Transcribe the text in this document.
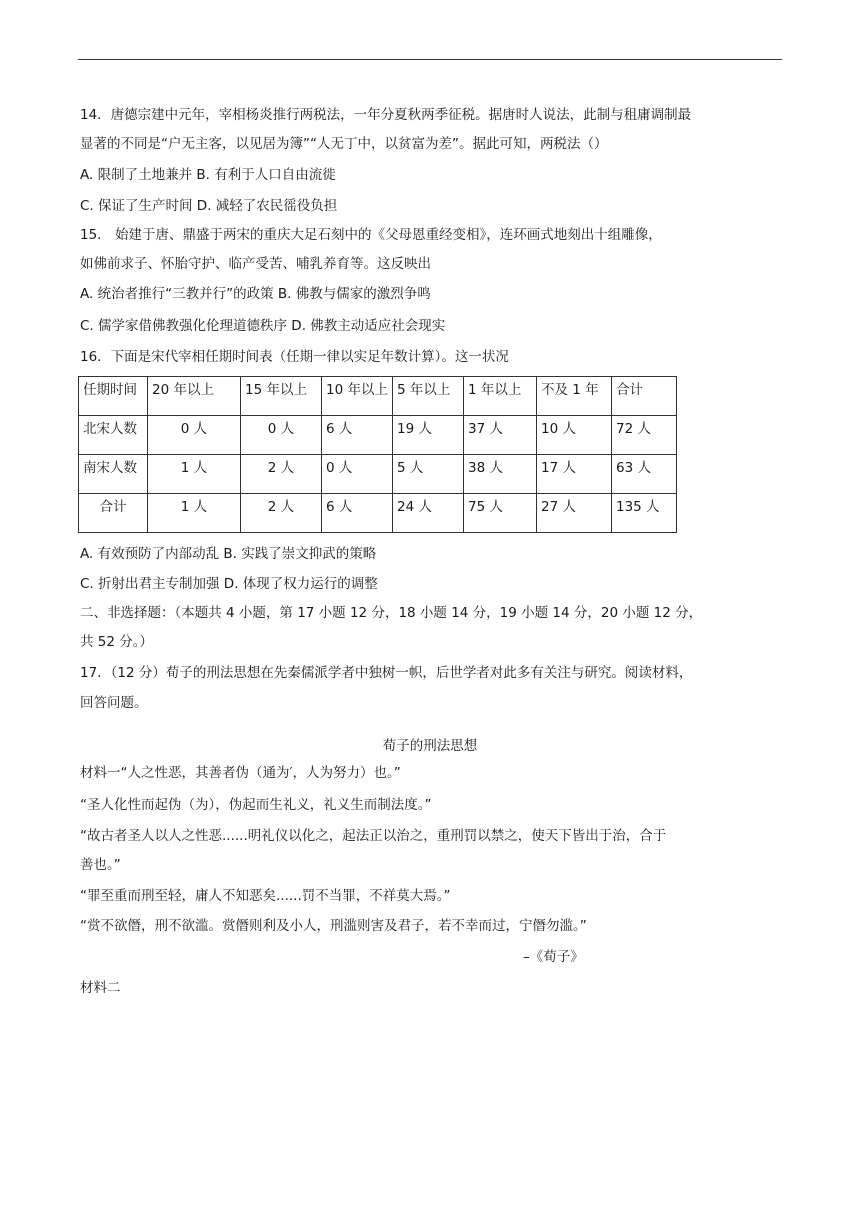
14．唐德宗建中元年，宰相杨炎推行两税法，一年分夏秋两季征税。据唐时人说法，此制与租庸调制最
显著的不同是“户无主客，以见居为簿”“人无丁中，以贫富为差”。据此可知，两税法（）
A. 限制了土地兼并 B. 有利于人口自由流徙
C. 保证了生产时间 D. 减轻了农民徭役负担
15． 始建于唐、鼎盛于两宋的重庆大足石刻中的《父母恩重经变相》，连环画式地刻出十组雕像，
如佛前求子、怀胎守护、临产受苦、哺乳养育等。这反映出
A. 统治者推行“三教并行”的政策 B. 佛教与儒家的激烈争鸣
C. 儒学家借佛教强化伦理道德秩序 D. 佛教主动适应社会现实
16．下面是宋代宰相任期时间表（任期一律以实足年数计算）。这一状况
任期时间	20 年以上	15 年以上	10 年以上	5 年以上	1 年以上	不及 1 年	合计
北宋人数	0 人	0 人	6 人	19 人	37 人	10 人	72 人
南宋人数	1 人	2 人	0 人	5 人	38 人	17 人	63 人
合计	1 人	2 人	6 人	24 人	75 人	27 人	135 人
A. 有效预防了内部动乱 B. 实践了崇文抑武的策略
C. 折射出君主专制加强 D. 体现了权力运行的调整
二、非选择题：（本题共 4 小题，第 17 小题 12 分，18 小题 14 分，19 小题 14 分，20 小题 12 分，
共 52 分。）
17．（12 分）荀子的刑法思想在先秦儒派学者中独树一帜，后世学者对此多有关注与研究。阅读材料，
回答问题。
荀子的刑法思想
材料一“人之性恶，其善者伪（通为′，人为努力）也。”
“圣人化性而起伪（为），伪起而生礼义，礼义生而制法度。”
“故古者圣人以人之性恶......明礼仪以化之，起法正以治之，重刑罚以禁之，使天下皆出于治，合于
善也。”
“罪至重而刑至轻，庸人不知恶矣......罚不当罪，不祥莫大焉。”
“赏不欲僭，刑不欲滥。赏僭则利及小人，刑滥则害及君子，若不幸而过，宁僭勿滥。”
–《荀子》
材料二
